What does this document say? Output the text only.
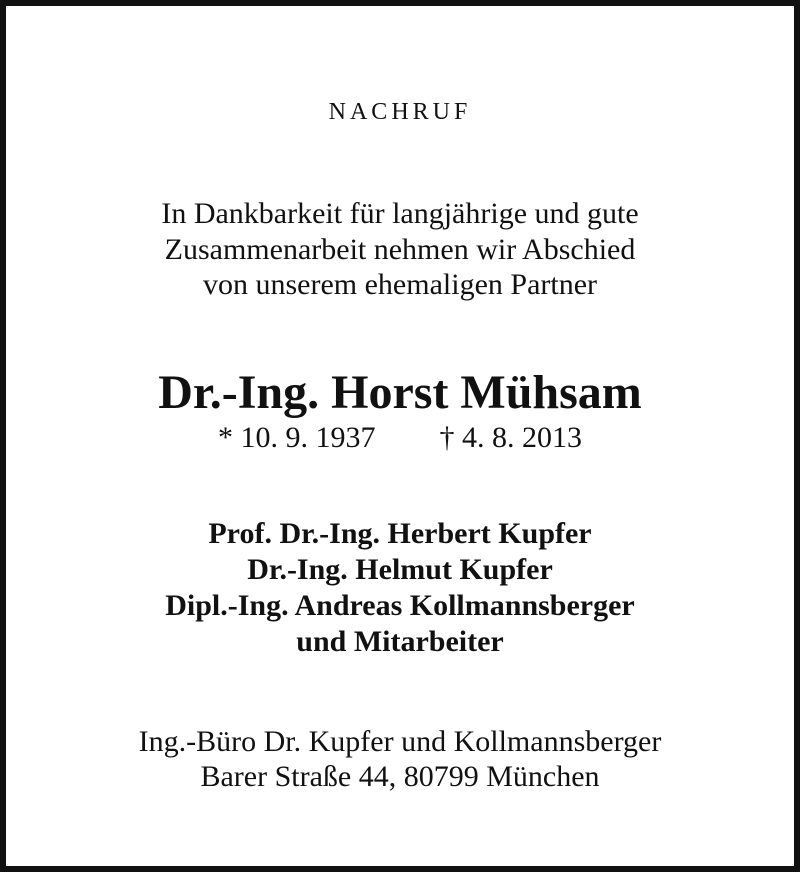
NACHRUF
In Dankbarkeit für langjährige und gute
Zusammenarbeit nehmen wir Abschied
von unserem ehemaligen Partner
Dr.-Ing. Horst Mühsam
* 10. 9. 1937 † 4. 8. 2013
Prof. Dr.-Ing. Herbert Kupfer
Dr.-Ing. Helmut Kupfer
Dipl.-Ing. Andreas Kollmannsberger
und Mitarbeiter
Ing.-Büro Dr. Kupfer und Kollmannsberger
Barer Straße 44, 80799 München
